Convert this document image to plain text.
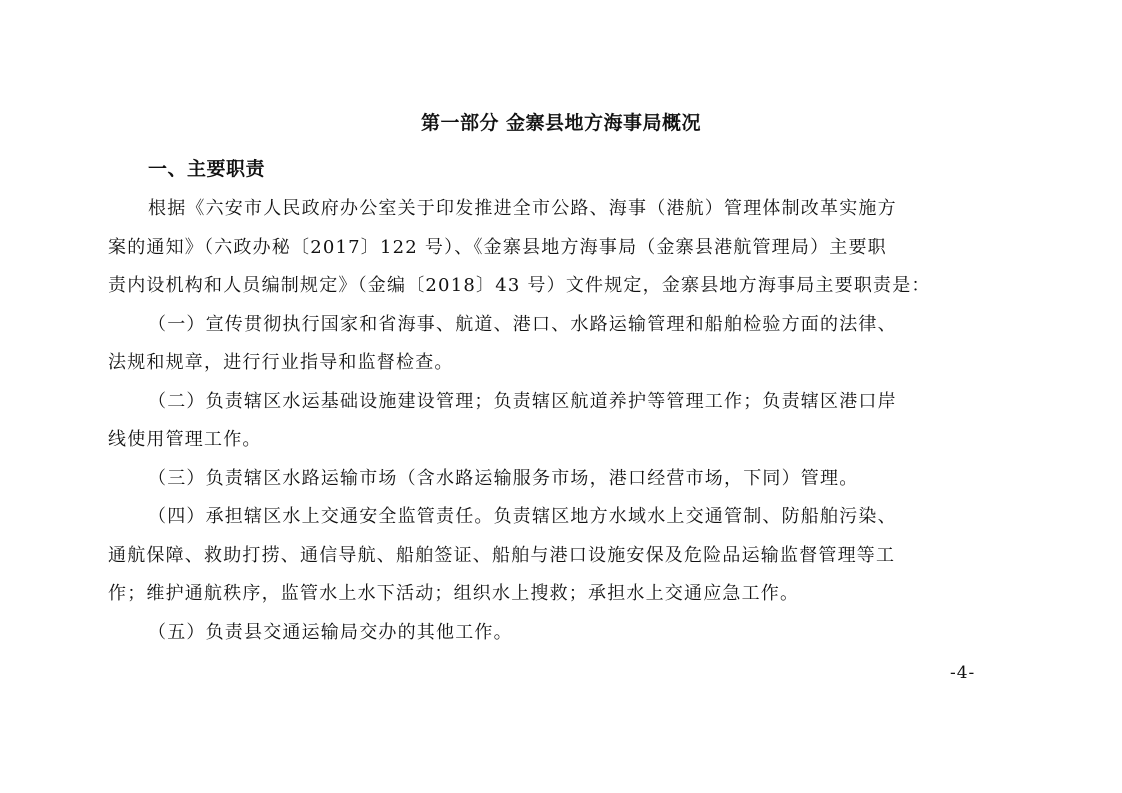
第一部分 金寨县地方海事局概况
一、主要职责
根据《六安市人民政府办公室关于印发推进全市公路、海事（港航）管理体制改革实施方
案的通知》（六政办秘〔2017〕122 号）、《金寨县地方海事局（金寨县港航管理局）主要职
责内设机构和人员编制规定》（金编〔2018〕43 号）文件规定，金寨县地方海事局主要职责是：
（一）宣传贯彻执行国家和省海事、航道、港口、水路运输管理和船舶检验方面的法律、
法规和规章，进行行业指导和监督检查。
（二）负责辖区水运基础设施建设管理；负责辖区航道养护等管理工作；负责辖区港口岸
线使用管理工作。
（三）负责辖区水路运输市场（含水路运输服务市场，港口经营市场，下同）管理。
（四）承担辖区水上交通安全监管责任。负责辖区地方水域水上交通管制、防船舶污染、
通航保障、救助打捞、通信导航、船舶签证、船舶与港口设施安保及危险品运输监督管理等工
作；维护通航秩序，监管水上水下活动；组织水上搜救；承担水上交通应急工作。
（五）负责县交通运输局交办的其他工作。
-4-
